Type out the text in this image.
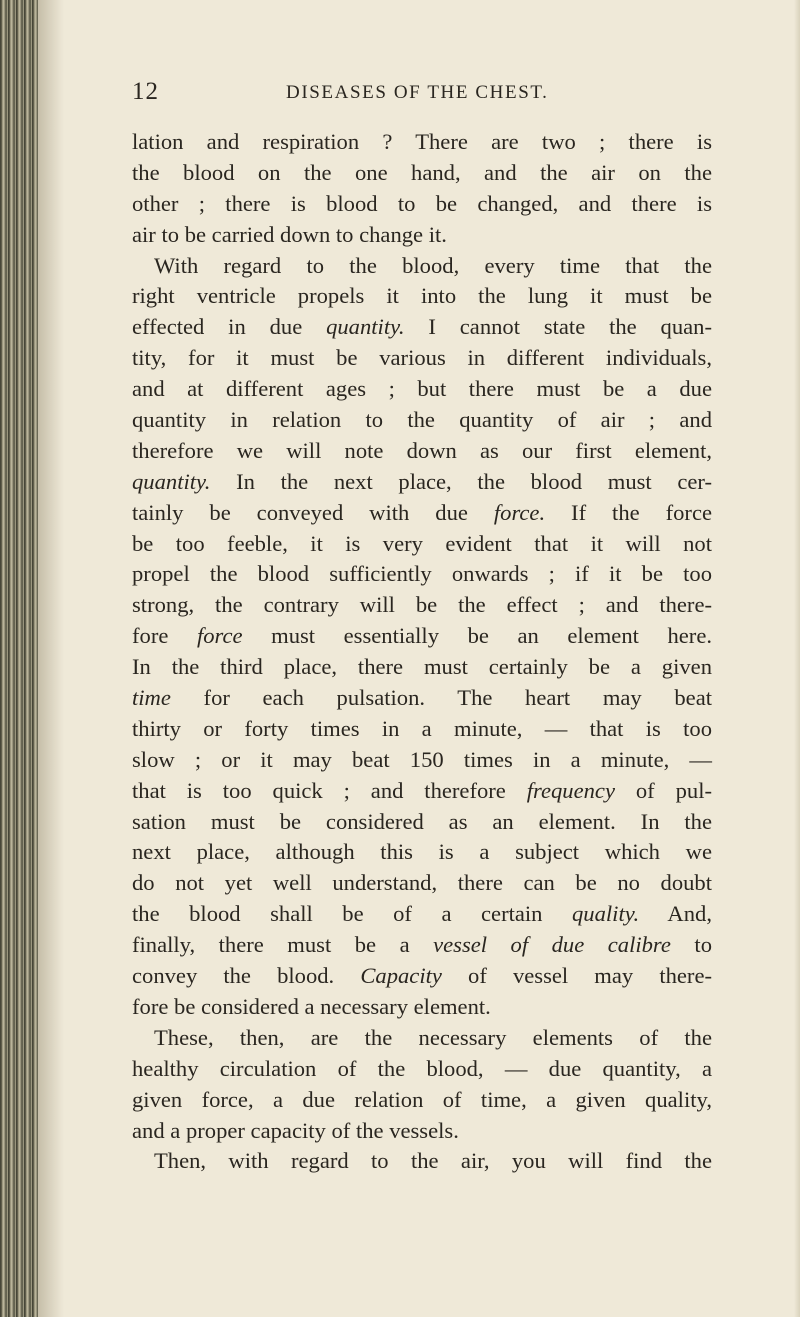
12	DISEASES OF THE CHEST.
lation and respiration ? There are two ; there is
the blood on the one hand, and the air on the
other ; there is blood to be changed, and there is
air to be carried down to change it.
With regard to the blood, every time that the
right ventricle propels it into the lung it must be
effected in due quantity. I cannot state the quan-
tity, for it must be various in different individuals,
and at different ages ; but there must be a due
quantity in relation to the quantity of air ; and
therefore we will note down as our first element,
quantity. In the next place, the blood must cer-
tainly be conveyed with due force. If the force
be too feeble, it is very evident that it will not
propel the blood sufficiently onwards ; if it be too
strong, the contrary will be the effect ; and there-
fore force must essentially be an element here.
In the third place, there must certainly be a given
time for each pulsation. The heart may beat
thirty or forty times in a minute, — that is too
slow ; or it may beat 150 times in a minute, —
that is too quick ; and therefore frequency of pul-
sation must be considered as an element. In the
next place, although this is a subject which we
do not yet well understand, there can be no doubt
the blood shall be of a certain quality. And,
finally, there must be a vessel of due calibre to
convey the blood. Capacity of vessel may there-
fore be considered a necessary element.
These, then, are the necessary elements of the
healthy circulation of the blood, — due quantity, a
given force, a due relation of time, a given quality,
and a proper capacity of the vessels.
Then, with regard to the air, you will find the
